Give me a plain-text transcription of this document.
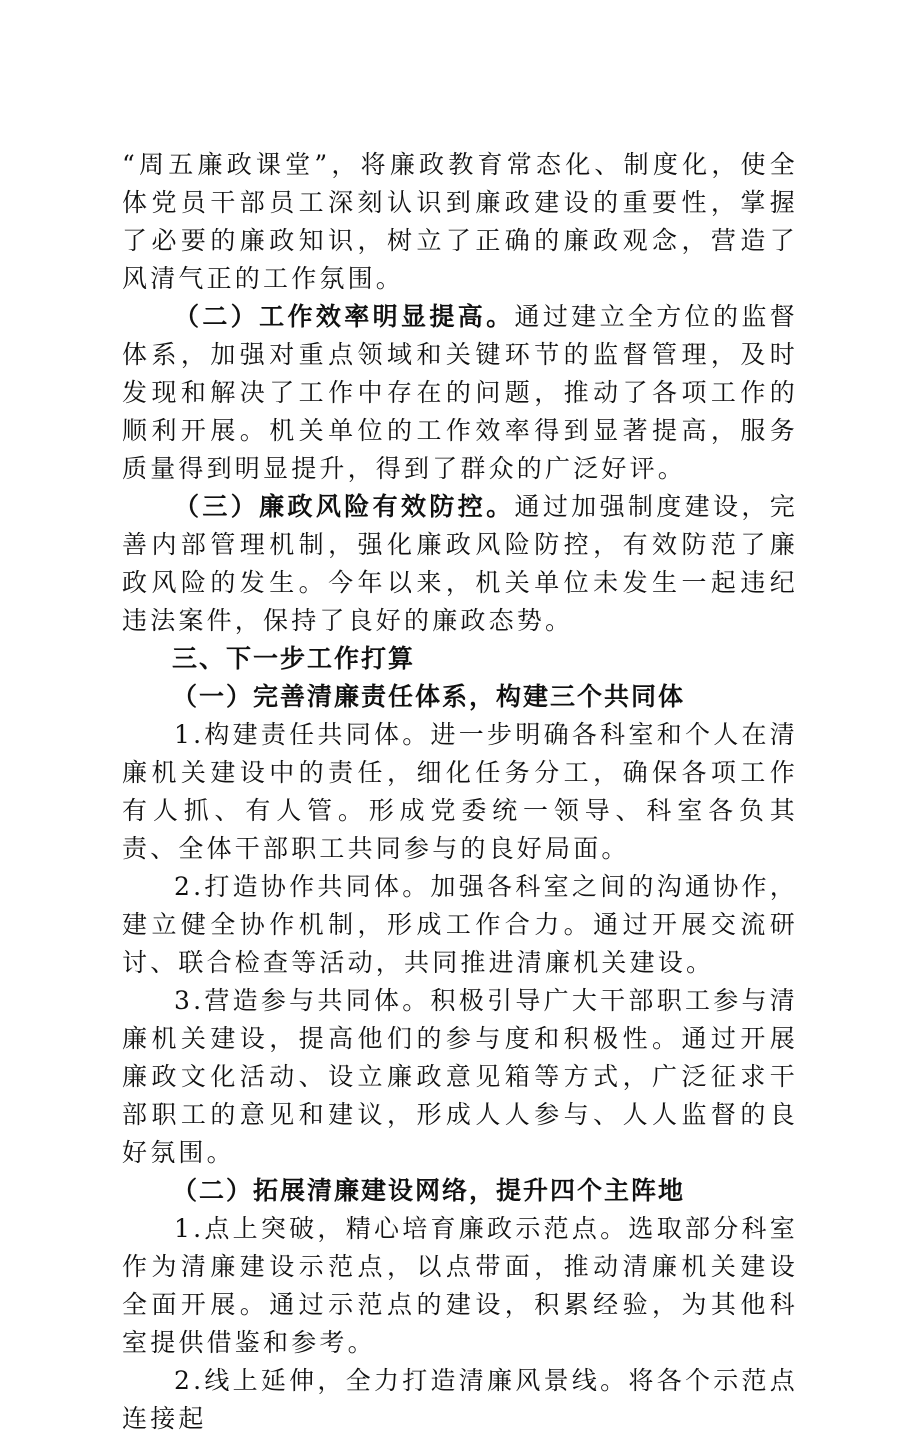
“周五廉政课堂”，将廉政教育常态化、制度化，使全体党员干部员工深刻认识到廉政建设的重要性，掌握了必要的廉政知识，树立了正确的廉政观念，营造了风清气正的工作氛围。

（二）工作效率明显提高。通过建立全方位的监督体系，加强对重点领域和关键环节的监督管理，及时发现和解决了工作中存在的问题，推动了各项工作的顺利开展。机关单位的工作效率得到显著提高，服务质量得到明显提升，得到了群众的广泛好评。

（三）廉政风险有效防控。通过加强制度建设，完善内部管理机制，强化廉政风险防控，有效防范了廉政风险的发生。今年以来，机关单位未发生一起违纪违法案件，保持了良好的廉政态势。

三、下一步工作打算

（一）完善清廉责任体系，构建三个共同体

1.构建责任共同体。进一步明确各科室和个人在清廉机关建设中的责任，细化任务分工，确保各项工作有人抓、有人管。形成党委统一领导、科室各负其责、全体干部职工共同参与的良好局面。

2.打造协作共同体。加强各科室之间的沟通协作，建立健全协作机制，形成工作合力。通过开展交流研讨、联合检查等活动，共同推进清廉机关建设。

3.营造参与共同体。积极引导广大干部职工参与清廉机关建设，提高他们的参与度和积极性。通过开展廉政文化活动、设立廉政意见箱等方式，广泛征求干部职工的意见和建议，形成人人参与、人人监督的良好氛围。

（二）拓展清廉建设网络，提升四个主阵地

1.点上突破，精心培育廉政示范点。选取部分科室作为清廉建设示范点，以点带面，推动清廉机关建设全面开展。通过示范点的建设，积累经验，为其他科室提供借鉴和参考。

2.线上延伸，全力打造清廉风景线。将各个示范点连接起
